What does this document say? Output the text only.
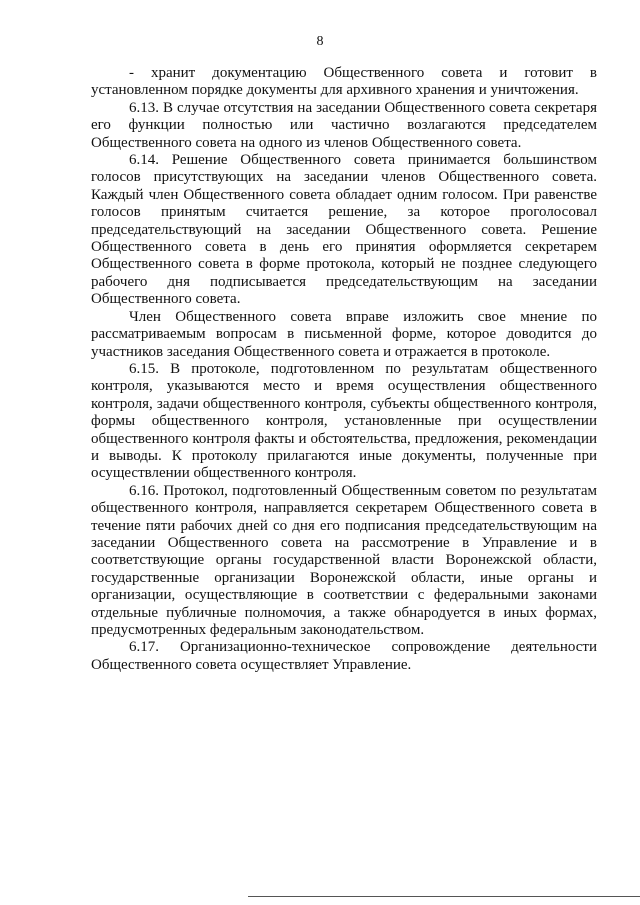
8

- хранит документацию Общественного совета и готовит в установленном порядке документы для архивного хранения и уничтожения.

6.13. В случае отсутствия на заседании Общественного совета секретаря его функции полностью или частично возлагаются председателем Общественного совета на одного из членов Общественного совета.

6.14. Решение Общественного совета принимается большинством голосов присутствующих на заседании членов Общественного совета. Каждый член Общественного совета обладает одним голосом. При равенстве голосов принятым считается решение, за которое проголосовал председательствующий на заседании Общественного совета. Решение Общественного совета в день его принятия оформляется секретарем Общественного совета в форме протокола, который не позднее следующего рабочего дня подписывается председательствующим на заседании Общественного совета.

Член Общественного совета вправе изложить свое мнение по рассматриваемым вопросам в письменной форме, которое доводится до участников заседания Общественного совета и отражается в протоколе.

6.15. В протоколе, подготовленном по результатам общественного контроля, указываются место и время осуществления общественного контроля, задачи общественного контроля, субъекты общественного контроля, формы общественного контроля, установленные при осуществлении общественного контроля факты и обстоятельства, предложения, рекомендации и выводы. К протоколу прилагаются иные документы, полученные при осуществлении общественного контроля.

6.16. Протокол, подготовленный Общественным советом по результатам общественного контроля, направляется секретарем Общественного совета в течение пяти рабочих дней со дня его подписания председательствующим на заседании Общественного совета на рассмотрение в Управление и в соответствующие органы государственной власти Воронежской области, государственные организации Воронежской области, иные органы и организации, осуществляющие в соответствии с федеральными законами отдельные публичные полномочия, а также обнародуется в иных формах, предусмотренных федеральным законодательством.

6.17. Организационно-техническое сопровождение деятельности Общественного совета осуществляет Управление.
